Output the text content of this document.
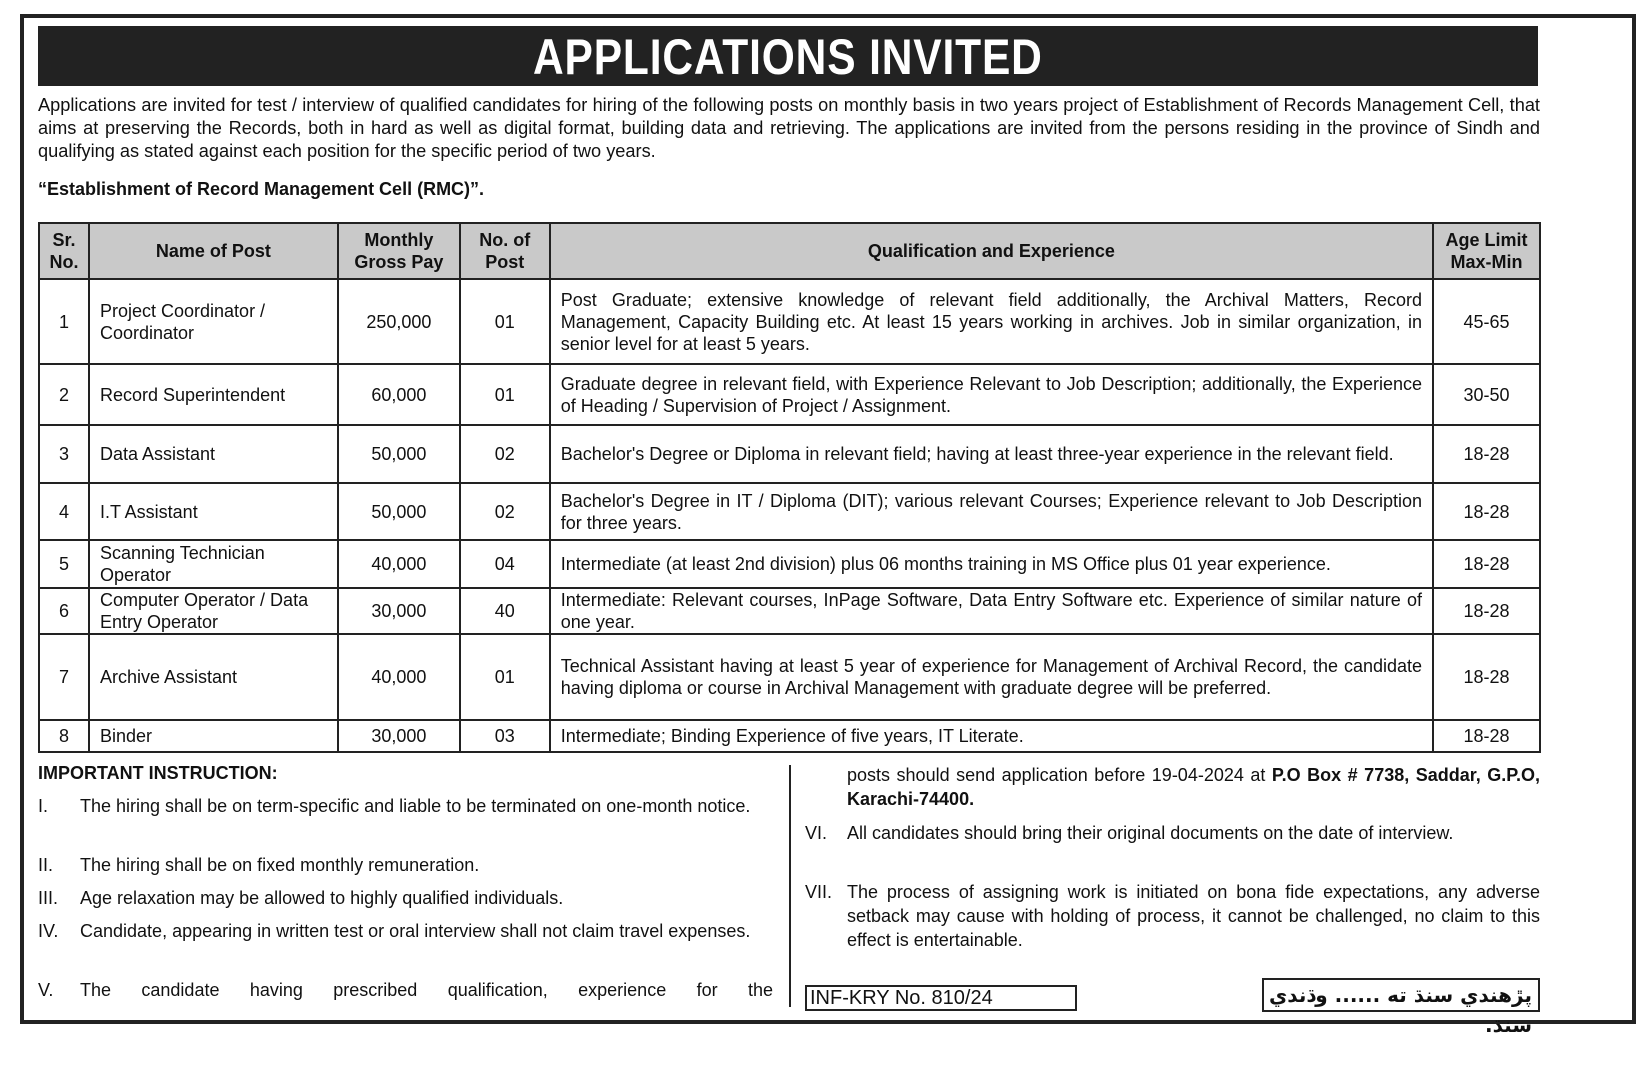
APPLICATIONS INVITED
Applications are invited for test / interview of qualified candidates for hiring of the following posts on monthly basis in two years project of Establishment of Records Management Cell, that aims at preserving the Records, both in hard as well as digital format, building data and retrieving. The applications are invited from the persons residing in the province of Sindh and qualifying as stated against each position for the specific period of two years.
“Establishment of Record Management Cell (RMC)”.
Sr. No.	Name of Post	Monthly Gross Pay	No. of Post	Qualification and Experience	Age Limit Max-Min
1	Project Coordinator / Coordinator	250,000	01	Post Graduate; extensive knowledge of relevant field additionally, the Archival Matters, Record Management, Capacity Building etc. At least 15 years working in archives. Job in similar organization, in senior level for at least 5 years.	45-65
2	Record Superintendent	60,000	01	Graduate degree in relevant field, with Experience Relevant to Job Description; additionally, the Experience of Heading / Supervision of Project / Assignment.	30-50
3	Data Assistant	50,000	02	Bachelor's Degree or Diploma in relevant field; having at least three-year experience in the relevant field.	18-28
4	I.T Assistant	50,000	02	Bachelor's Degree in IT / Diploma (DIT); various relevant Courses; Experience relevant to Job Description for three years.	18-28
5	Scanning Technician Operator	40,000	04	Intermediate (at least 2nd division) plus 06 months training in MS Office plus 01 year experience.	18-28
6	Computer Operator / Data Entry Operator	30,000	40	Intermediate: Relevant courses, InPage Software, Data Entry Software etc. Experience of similar nature of one year.	18-28
7	Archive Assistant	40,000	01	Technical Assistant having at least 5 year of experience for Management of Archival Record, the candidate having diploma or course in Archival Management with graduate degree will be preferred.	18-28
8	Binder	30,000	03	Intermediate; Binding Experience of five years, IT Literate.	18-28
IMPORTANT INSTRUCTION:
I.	The hiring shall be on term-specific and liable to be terminated on one-month notice.
II.	The hiring shall be on fixed monthly remuneration.
III.	Age relaxation may be allowed to highly qualified individuals.
IV.	Candidate, appearing in written test or oral interview shall not claim travel expenses.
V.	The candidate having prescribed qualification, experience for the
posts should send application before 19-04-2024 at P.O Box # 7738, Saddar, G.P.O, Karachi-74400.
VI.	All candidates should bring their original documents on the date of interview.
VII. The process of assigning work is initiated on bona fide expectations, any adverse setback may cause with holding of process, it cannot be challenged, no claim to this effect is entertainable.
INF-KRY No. 810/24	پڙهندي سنڌ ته ...... وڌندي سنڌ.
